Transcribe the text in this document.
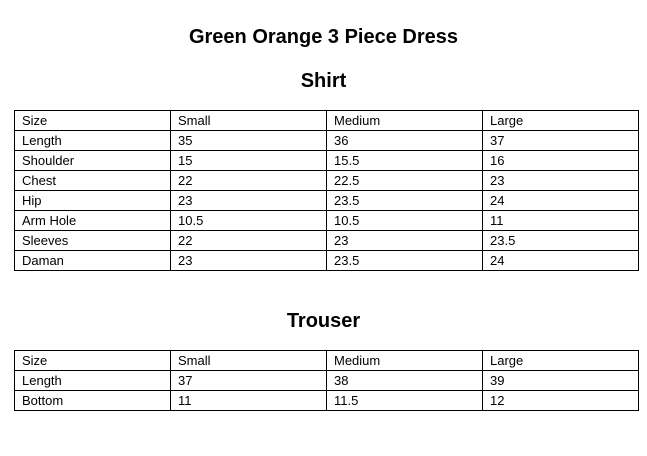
Green Orange 3 Piece Dress
Shirt
Size	Small	Medium	Large
Length	35	36	37
Shoulder	15	15.5	16
Chest	22	22.5	23
Hip	23	23.5	24
Arm Hole	10.5	10.5	11
Sleeves	22	23	23.5
Daman	23	23.5	24
Trouser
Size	Small	Medium	Large
Length	37	38	39
Bottom	11	11.5	12
